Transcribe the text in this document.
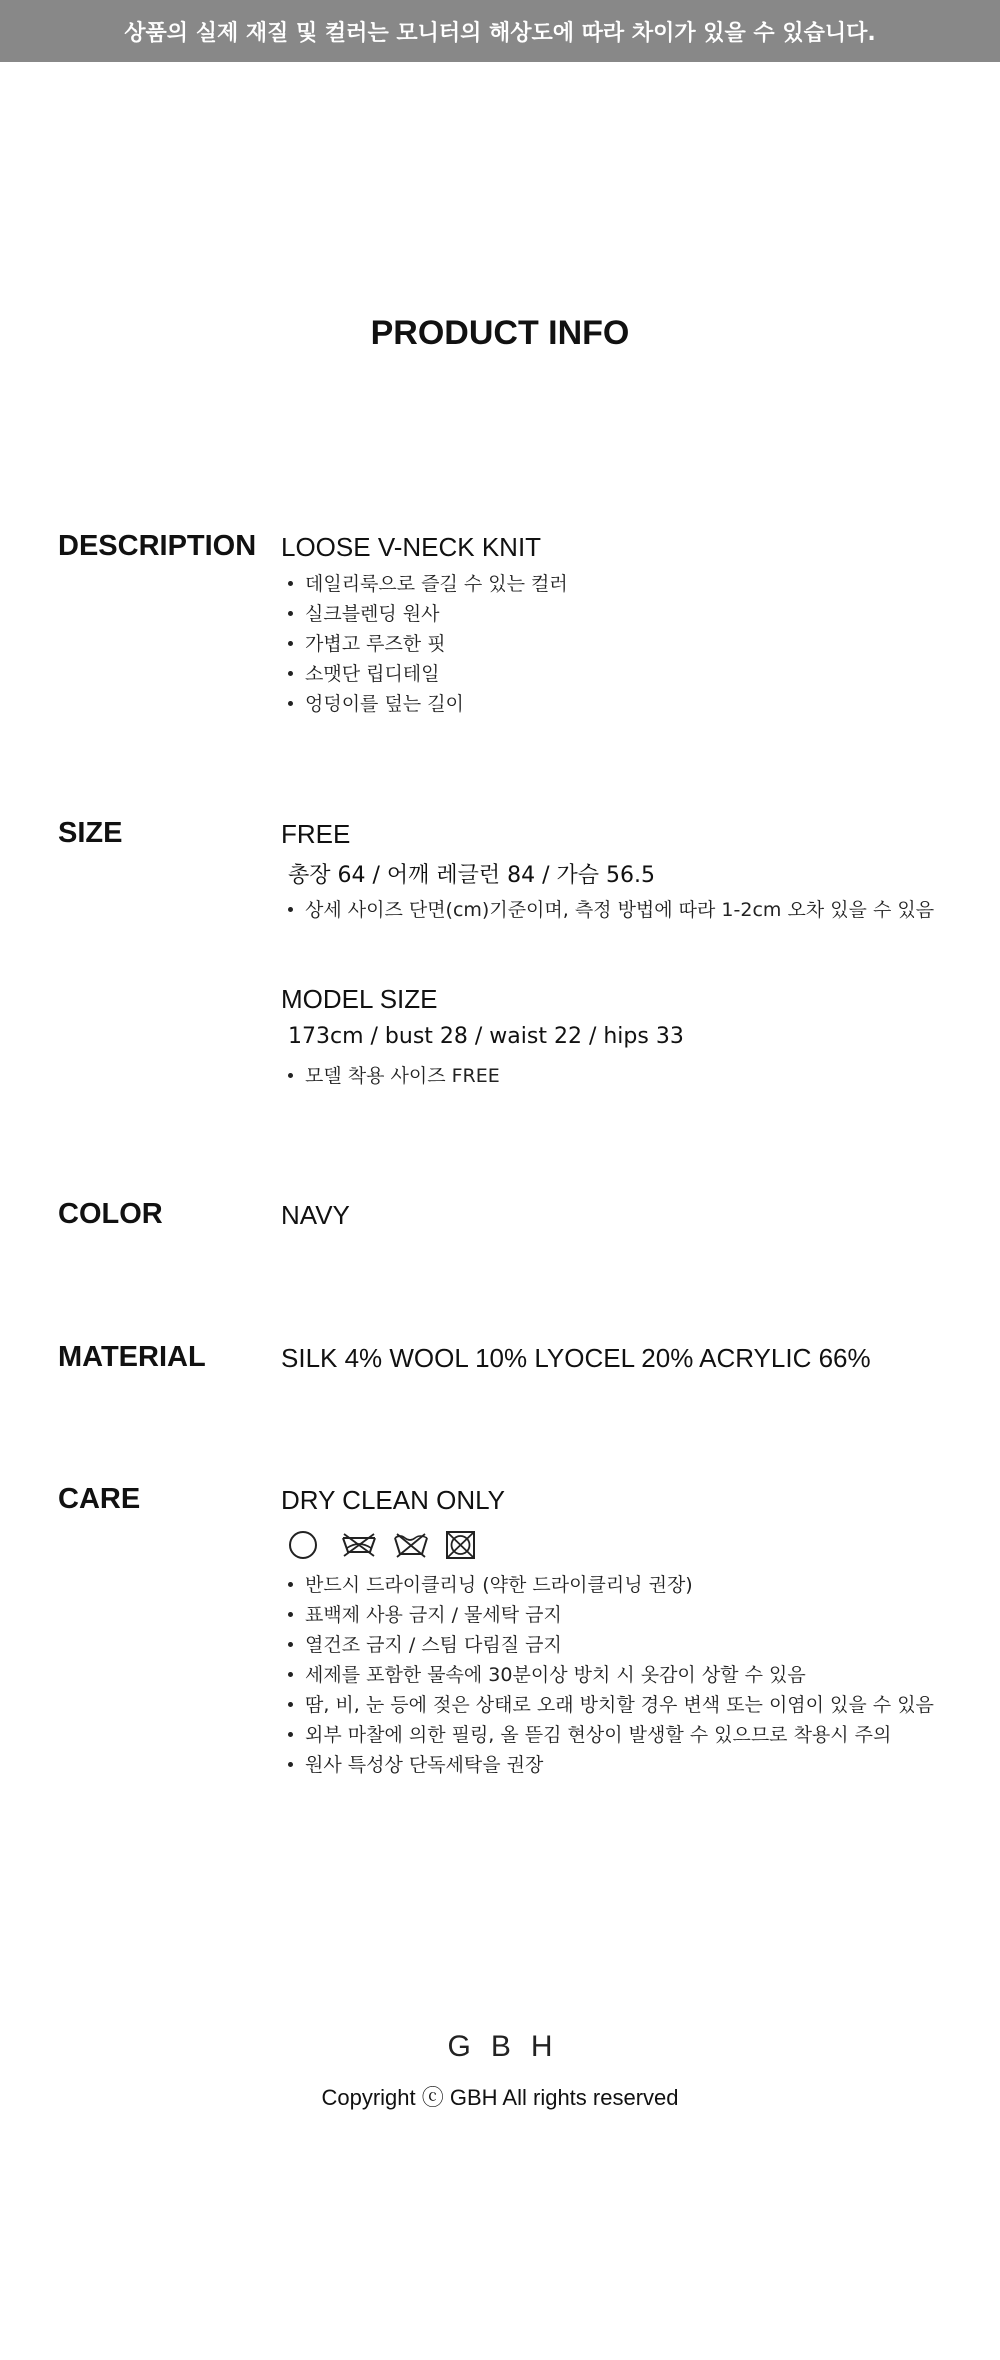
상품의 실제 재질 및 컬러는 모니터의 해상도에 따라 차이가 있을 수 있습니다.
PRODUCT INFO
DESCRIPTION LOOSE V-NECK KNIT
데일리룩으로 즐길 수 있는 컬러
실크블렌딩 원사
가볍고 루즈한 핏
소맷단 립디테일
엉덩이를 덮는 길이
SIZE	FREE
총장 64 / 어깨 레글런 84 / 가슴 56.5
상세 사이즈 단면(cm)기준이며, 측정 방법에 따라 1-2cm 오차 있을 수 있음
MODEL SIZE
173cm / bust 28 / waist 22 / hips 33
모델 착용 사이즈 FREE
COLOR	NAVY
MATERIAL	SILK 4% WOOL 10% LYOCEL 20% ACRYLIC 66%
CARE	DRY CLEAN ONLY
반드시 드라이클리닝 (약한 드라이클리닝 권장)
표백제 사용 금지 / 물세탁 금지
열건조 금지 / 스팀 다림질 금지
세제를 포함한 물속에 30분이상 방치 시 옷감이 상할 수 있음
땀, 비, 눈 등에 젖은 상태로 오래 방치할 경우 변색 또는 이염이 있을 수 있음
외부 마찰에 의한 필링, 올 뜯김 현상이 발생할 수 있으므로 착용시 주의
원사 특성상 단독세탁을 권장
GBH
Copyright ⓒ GBH All rights reserved
